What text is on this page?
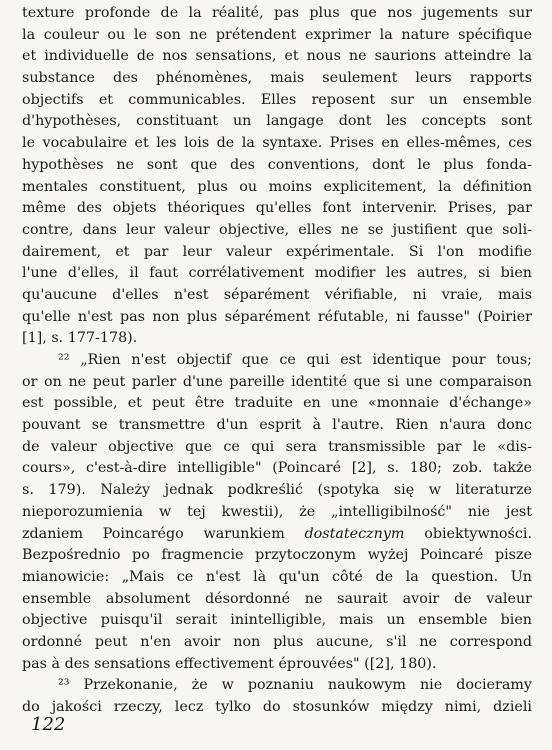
texture profonde de la réalité, pas plus que nos jugements sur
la couleur ou le son ne prétendent exprimer la nature spécifique
et individuelle de nos sensations, et nous ne saurions atteindre la
substance des phénomènes, mais seulement leurs rapports
objectifs et communicables. Elles reposent sur un ensemble
d'hypothèses, constituant un langage dont les concepts sont
le vocabulaire et les lois de la syntaxe. Prises en elles-mêmes, ces
hypothèses ne sont que des conventions, dont le plus fonda-
mentales constituent, plus ou moins explicitement, la définition
même des objets théoriques qu'elles font intervenir. Prises, par
contre, dans leur valeur objective, elles ne se justifient que soli-
dairement, et par leur valeur expérimentale. Si l'on modifie
l'une d'elles, il faut corrélativement modifier les autres, si bien
qu'aucune d'elles n'est séparément vérifiable, ni vraie, mais
qu'elle n'est pas non plus séparément réfutable, ni fausse" (Poirier
[1], s. 177-178).
²² „Rien n'est objectif que ce qui est identique pour tous;
or on ne peut parler d'une pareille identité que si une comparaison
est possible, et peut être traduite en une «monnaie d'échange»
pouvant se transmettre d'un esprit à l'autre. Rien n'aura donc
de valeur objective que ce qui sera transmissible par le «dis-
cours», c'est-à-dire intelligible" (Poincaré [2], s. 180; zob. także
s. 179). Należy jednak podkreślić (spotyka się w literaturze
nieporozumienia w tej kwestii), że „intelligibilność" nie jest
zdaniem Poincarégo warunkiem dostatecznym obiektywności.
Bezpośrednio po fragmencie przytoczonym wyżej Poincaré pisze
mianowicie: „Mais ce n'est là qu'un côté de la question. Un
ensemble absolument désordonné ne saurait avoir de valeur
objective puisqu'il serait inintelligible, mais un ensemble bien
ordonné peut n'en avoir non plus aucune, s'il ne correspond
pas à des sensations effectivement éprouvées" ([2], 180).
²³ Przekonanie, że w poznaniu naukowym nie docieramy
do jakości rzeczy, lecz tylko do stosunków między nimi, dzieli
122
